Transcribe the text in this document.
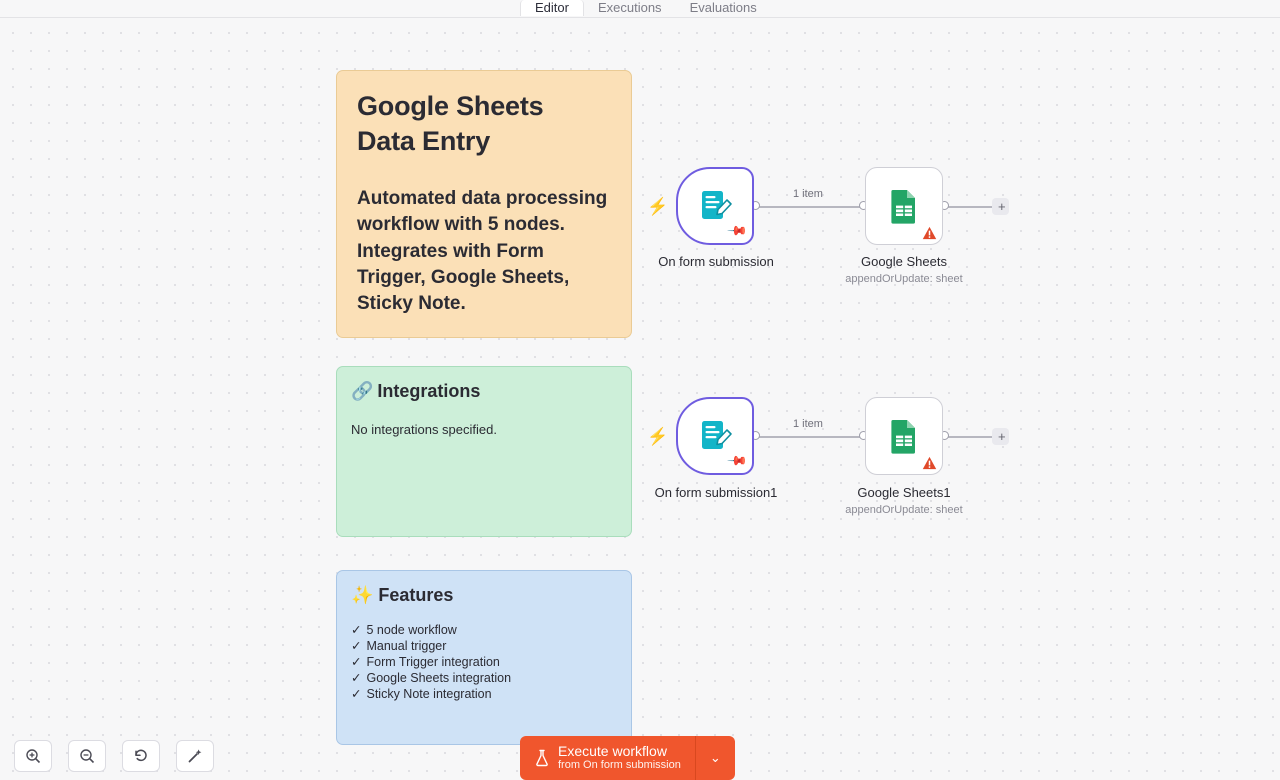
Editor	Executions	Evaluations
Google Sheets
Data Entry
Automated data processing workflow with 5 nodes. Integrates with Form Trigger, Google Sheets, Sticky Note.
🔗 Integrations
No integrations specified.
✨ Features
✓ 5 node workflow
✓ Manual trigger
✓ Form Trigger integration
✓ Google Sheets integration
✓ Sticky Note integration
⚡
1 item
+
📌
On form submission	Google Sheets
appendOrUpdate: sheet
⚡
1 item
+
📌
On form submission1	Google Sheets1
appendOrUpdate: sheet
Execute workflow
from On form submission	⌄
